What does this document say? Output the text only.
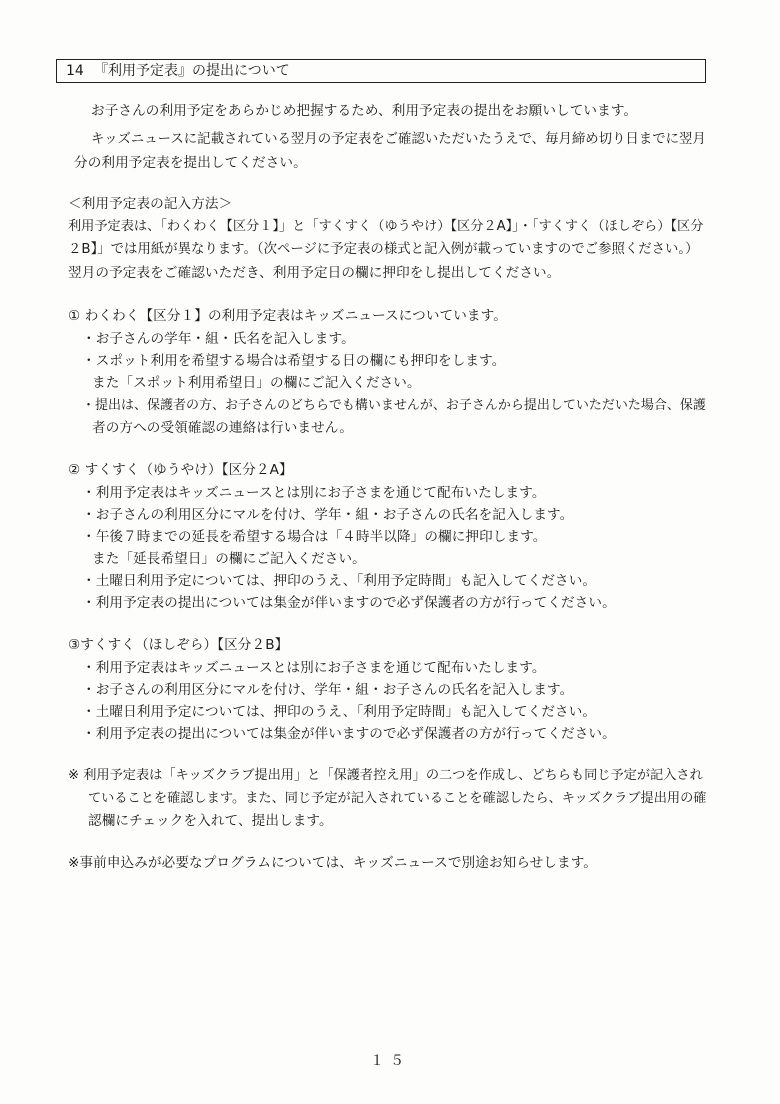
14 『利用予定表』の提出について
お子さんの利用予定をあらかじめ把握するため、利用予定表の提出をお願いしています。
キッズニュースに記載されている翌月の予定表をご確認いただいたうえで、毎月締め切り日までに翌月
分の利用予定表を提出してください。
＜利用予定表の記入方法＞
利用予定表は、「わくわく【区分１】」と「すくすく（ゆうやけ）【区分２A】」・「すくすく（ほしぞら）【区分
２B】」では用紙が異なります。（次ページに予定表の様式と記入例が載っていますのでご参照ください。）
翌月の予定表をご確認いただき、利用予定日の欄に押印をし提出してください。
① わくわく【区分１】の利用予定表はキッズニュースについています。
・お子さんの学年・組・氏名を記入します。
・スポット利用を希望する場合は希望する日の欄にも押印をします。
また「スポット利用希望日」の欄にご記入ください。
・提出は、保護者の方、お子さんのどちらでも構いませんが、お子さんから提出していただいた場合、保護
者の方への受領確認の連絡は行いません。
② すくすく（ゆうやけ）【区分２A】
・利用予定表はキッズニュースとは別にお子さまを通じて配布いたします。
・お子さんの利用区分にマルを付け、学年・組・お子さんの氏名を記入します。
・午後７時までの延長を希望する場合は「４時半以降」の欄に押印します。
また「延長希望日」の欄にご記入ください。
・土曜日利用予定については、押印のうえ、「利用予定時間」も記入してください。
・利用予定表の提出については集金が伴いますので必ず保護者の方が行ってください。
③すくすく（ほしぞら）【区分２B】
・利用予定表はキッズニュースとは別にお子さまを通じて配布いたします。
・お子さんの利用区分にマルを付け、学年・組・お子さんの氏名を記入します。
・土曜日利用予定については、押印のうえ、「利用予定時間」も記入してください。
・利用予定表の提出については集金が伴いますので必ず保護者の方が行ってください。
※ 利用予定表は「キッズクラブ提出用」と「保護者控え用」の二つを作成し、どちらも同じ予定が記入され
ていることを確認します。また、同じ予定が記入されていることを確認したら、キッズクラブ提出用の確
認欄にチェックを入れて、提出します。
※事前申込みが必要なプログラムについては、キッズニュースで別途お知らせします。
１５
